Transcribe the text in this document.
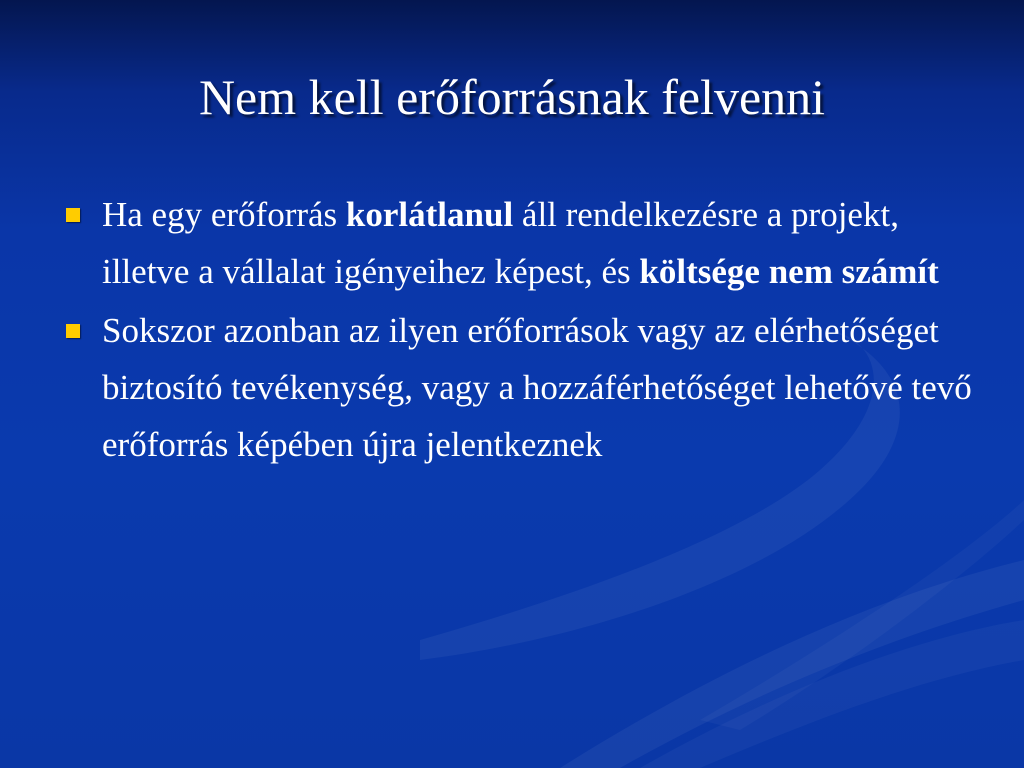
Nem kell erőforrásnak felvenni
Ha egy erőforrás korlátlanul áll rendelkezésre a projekt, illetve a vállalat igényeihez képest, és költsége nem számít
Sokszor azonban az ilyen erőforrások vagy az elérhetőséget biztosító tevékenység, vagy a hozzáférhetőséget lehetővé tevő erőforrás képében újra jelentkeznek
